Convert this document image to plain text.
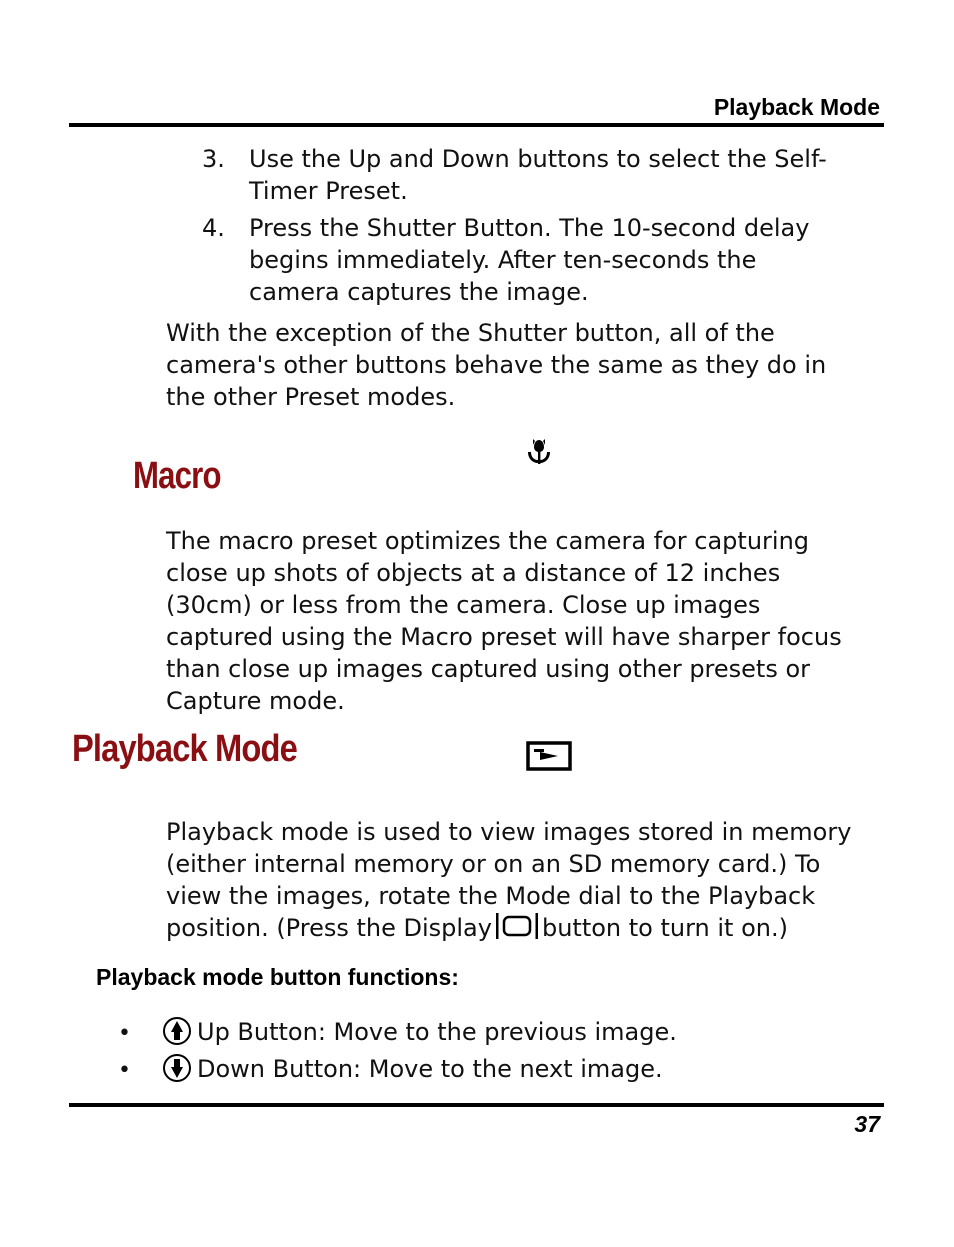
Playback Mode
3. Use the Up and Down buttons to select the Self-
Timer Preset.
4. Press the Shutter Button. The 10-second delay
begins immediately. After ten-seconds the
camera captures the image.
With the exception of the Shutter button, all of the
camera's other buttons behave the same as they do in
the other Preset modes.
Macro
The macro preset optimizes the camera for capturing
close up shots of objects at a distance of 12 inches
(30cm) or less from the camera. Close up images
captured using the Macro preset will have sharper focus
than close up images captured using other presets or
Capture mode.
Playback Mode
Playback mode is used to view images stored in memory
(either internal memory or on an SD memory card.) To
view the images, rotate the Mode dial to the Playback
position. (Press the Display button to turn it on.)
Playback mode button functions:
•	Up Button: Move to the previous image.
•	Down Button: Move to the next image.
37
